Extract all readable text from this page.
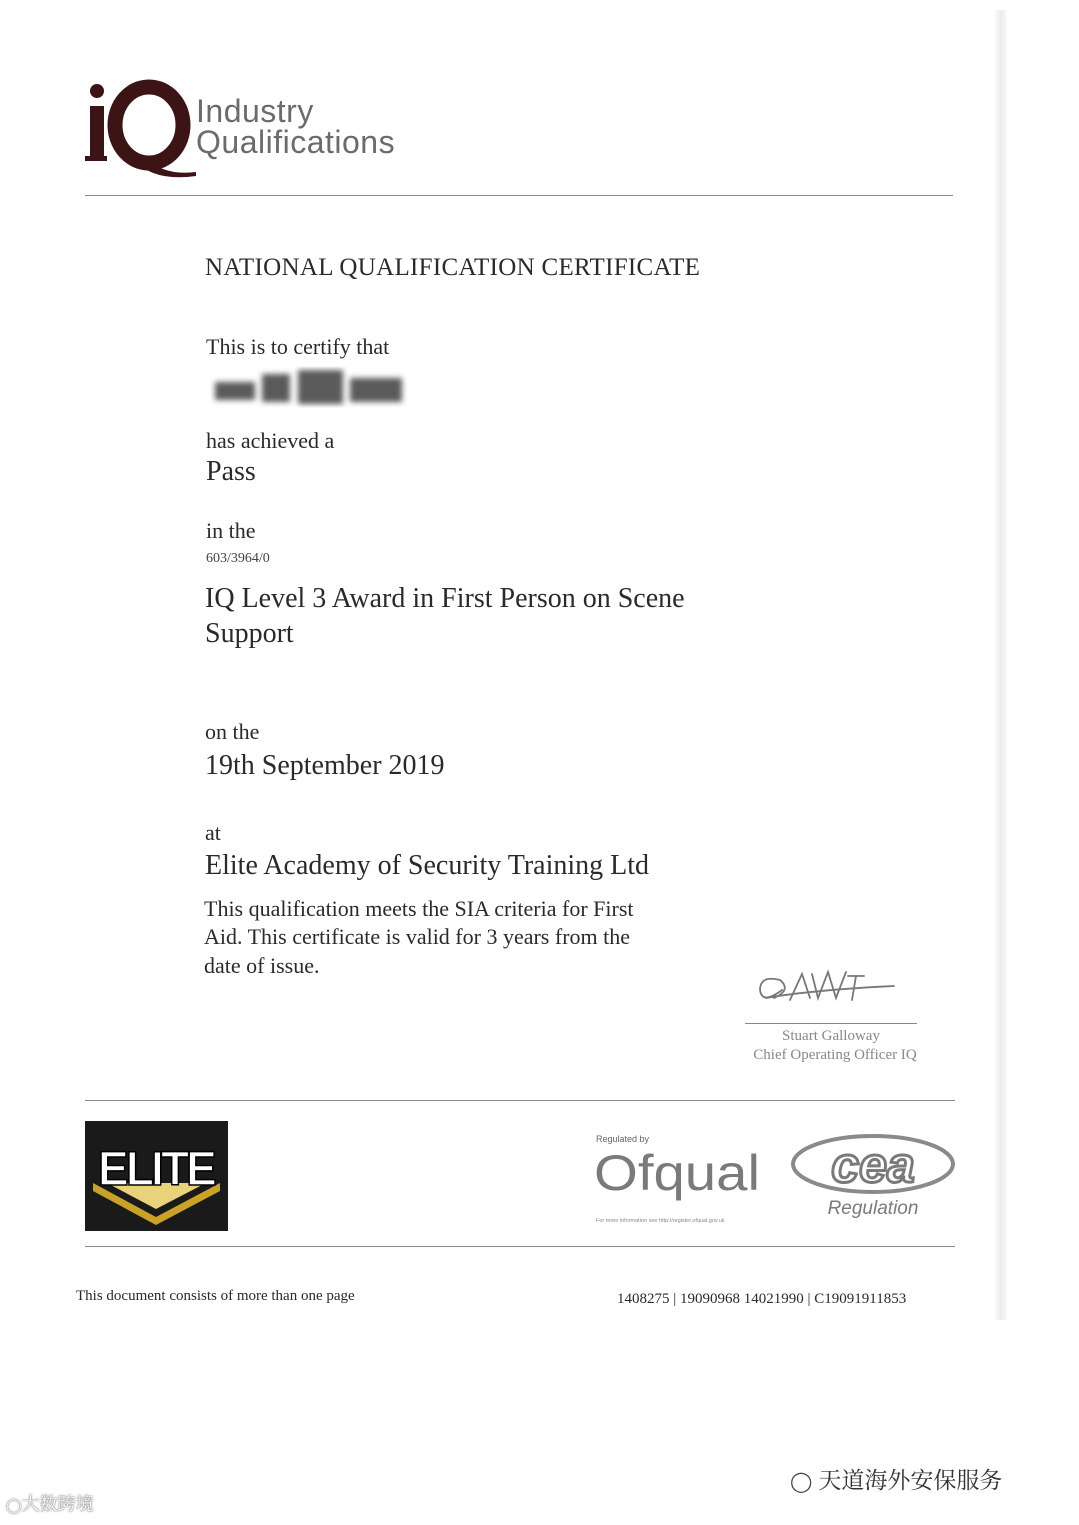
Industry
Qualifications
NATIONAL QUALIFICATION CERTIFICATE
This is to certify that
has achieved a
Pass
in the
603/3964/0
IQ Level 3 Award in First Person on Scene
Support
on the
19th September 2019
at
Elite Academy of Security Training Ltd
This qualification meets the SIA criteria for First
Aid. This certificate is valid for 3 years from the
date of issue.
Stuart Galloway
Chief Operating Officer IQ
ELITE
Regulated by
Ofqual
For more information see http://register.ofqual.gov.uk
cea
Regulation
This document consists of more than one page	1408275 | 19090968 14021990 | C19091911853
◯ 天道海外安保服务
◯大数跨境
